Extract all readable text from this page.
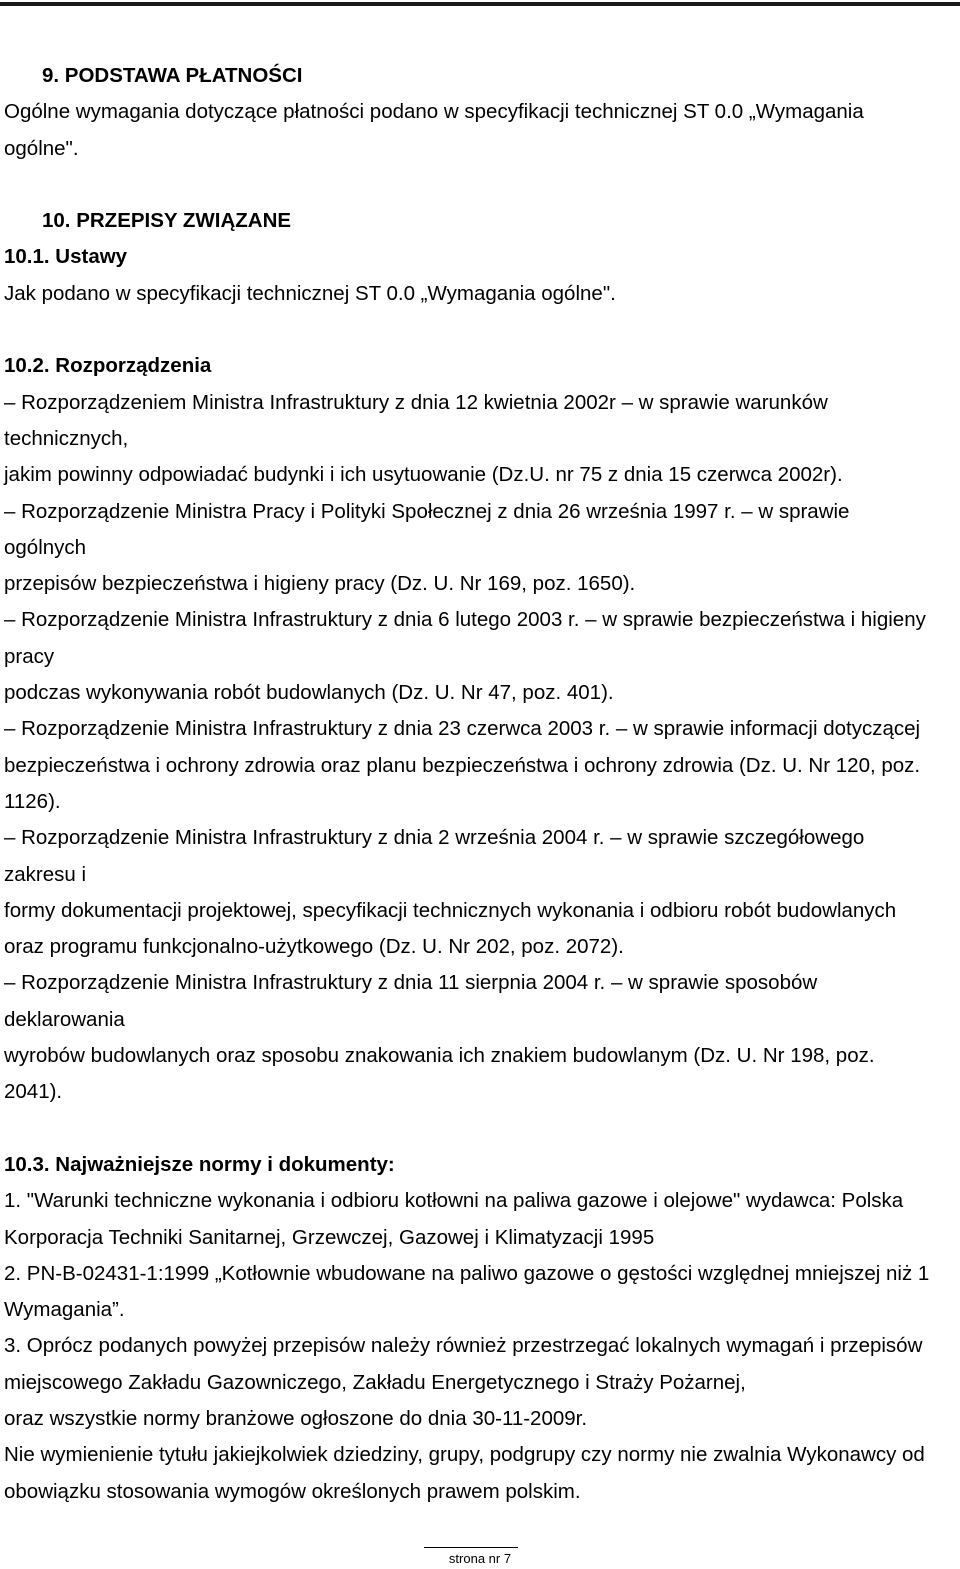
9. PODSTAWA PŁATNOŚCI
Ogólne wymagania dotyczące płatności podano w specyfikacji technicznej ST 0.0 „Wymagania
ogólne".
10. PRZEPISY ZWIĄZANE
10.1. Ustawy
Jak podano w specyfikacji technicznej ST 0.0 „Wymagania ogólne".
10.2. Rozporządzenia
– Rozporządzeniem Ministra Infrastruktury z dnia 12 kwietnia 2002r – w sprawie warunków
technicznych,
jakim powinny odpowiadać budynki i ich usytuowanie (Dz.U. nr 75 z dnia 15 czerwca 2002r).
– Rozporządzenie Ministra Pracy i Polityki Społecznej z dnia 26 września 1997 r. – w sprawie
ogólnych
przepisów bezpieczeństwa i higieny pracy (Dz. U. Nr 169, poz. 1650).
– Rozporządzenie Ministra Infrastruktury z dnia 6 lutego 2003 r. – w sprawie bezpieczeństwa i higieny
pracy
podczas wykonywania robót budowlanych (Dz. U. Nr 47, poz. 401).
– Rozporządzenie Ministra Infrastruktury z dnia 23 czerwca 2003 r. – w sprawie informacji dotyczącej
bezpieczeństwa i ochrony zdrowia oraz planu bezpieczeństwa i ochrony zdrowia (Dz. U. Nr 120, poz.
1126).
– Rozporządzenie Ministra Infrastruktury z dnia 2 września 2004 r. – w sprawie szczegółowego
zakresu i
formy dokumentacji projektowej, specyfikacji technicznych wykonania i odbioru robót budowlanych
oraz programu funkcjonalno-użytkowego (Dz. U. Nr 202, poz. 2072).
– Rozporządzenie Ministra Infrastruktury z dnia 11 sierpnia 2004 r. – w sprawie sposobów
deklarowania
wyrobów budowlanych oraz sposobu znakowania ich znakiem budowlanym (Dz. U. Nr 198, poz.
2041).
10.3. Najważniejsze normy i dokumenty:
1. "Warunki techniczne wykonania i odbioru kotłowni na paliwa gazowe i olejowe" wydawca: Polska
Korporacja Techniki Sanitarnej, Grzewczej, Gazowej i Klimatyzacji 1995
2. PN-B-02431-1:1999 „Kotłownie wbudowane na paliwo gazowe o gęstości względnej mniejszej niż 1
Wymagania”.
3. Oprócz podanych powyżej przepisów należy również przestrzegać lokalnych wymagań i przepisów
miejscowego Zakładu Gazowniczego, Zakładu Energetycznego i Straży Pożarnej,
oraz wszystkie normy branżowe ogłoszone do dnia 30-11-2009r.
Nie wymienienie tytułu jakiejkolwiek dziedziny, grupy, podgrupy czy normy nie zwalnia Wykonawcy od
obowiązku stosowania wymogów określonych prawem polskim.
strona nr 7
